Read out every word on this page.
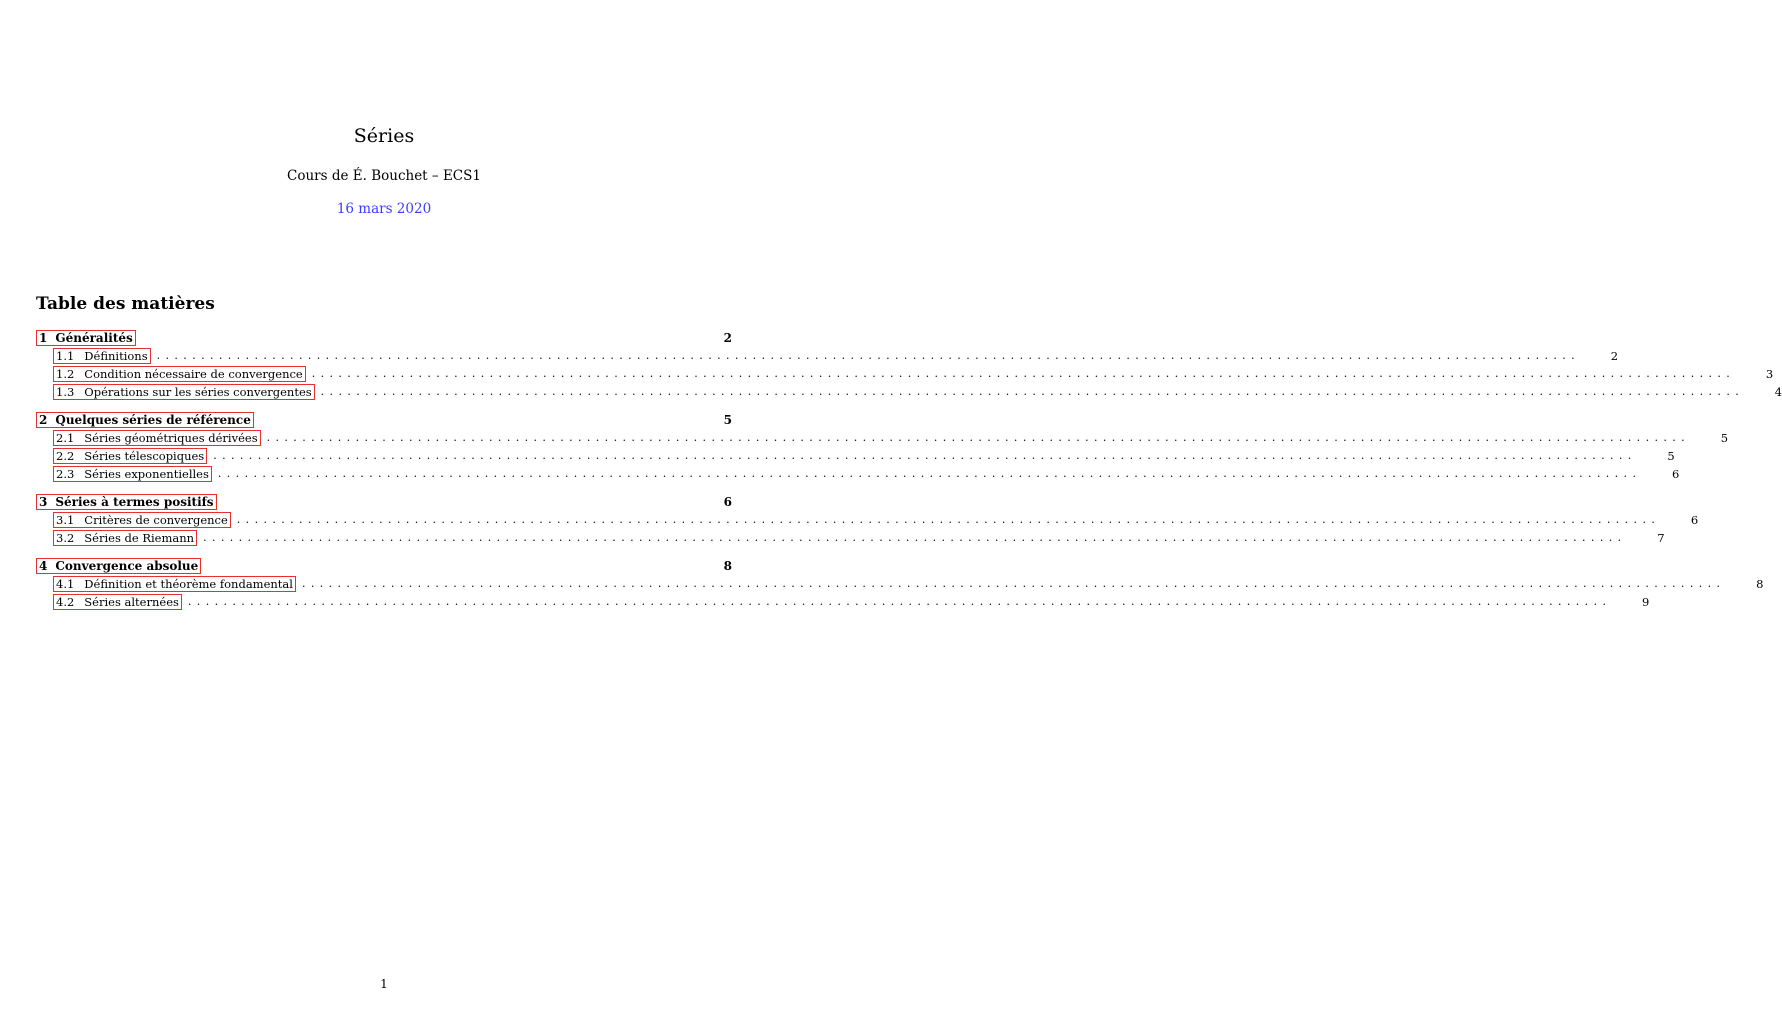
Séries
Cours de É. Bouchet – ECS1
16 mars 2020
Table des matières
1 Généralités	2
1.1 Définitions ................................................................................................................................................................	2
1.2 Condition nécessaire de convergence ................................................................................................................................................................	3
1.3 Opérations sur les séries convergentes ................................................................................................................................................................	4
2 Quelques séries de référence	5
2.1 Séries géométriques dérivées ................................................................................................................................................................	5
2.2 Séries télescopiques ................................................................................................................................................................	5
2.3 Séries exponentielles ................................................................................................................................................................	6
3 Séries à termes positifs	6
3.1 Critères de convergence ................................................................................................................................................................	6
3.2 Séries de Riemann ................................................................................................................................................................	7
4 Convergence absolue	8
4.1 Définition et théorème fondamental ................................................................................................................................................................	8
4.2 Séries alternées ................................................................................................................................................................	9
1
